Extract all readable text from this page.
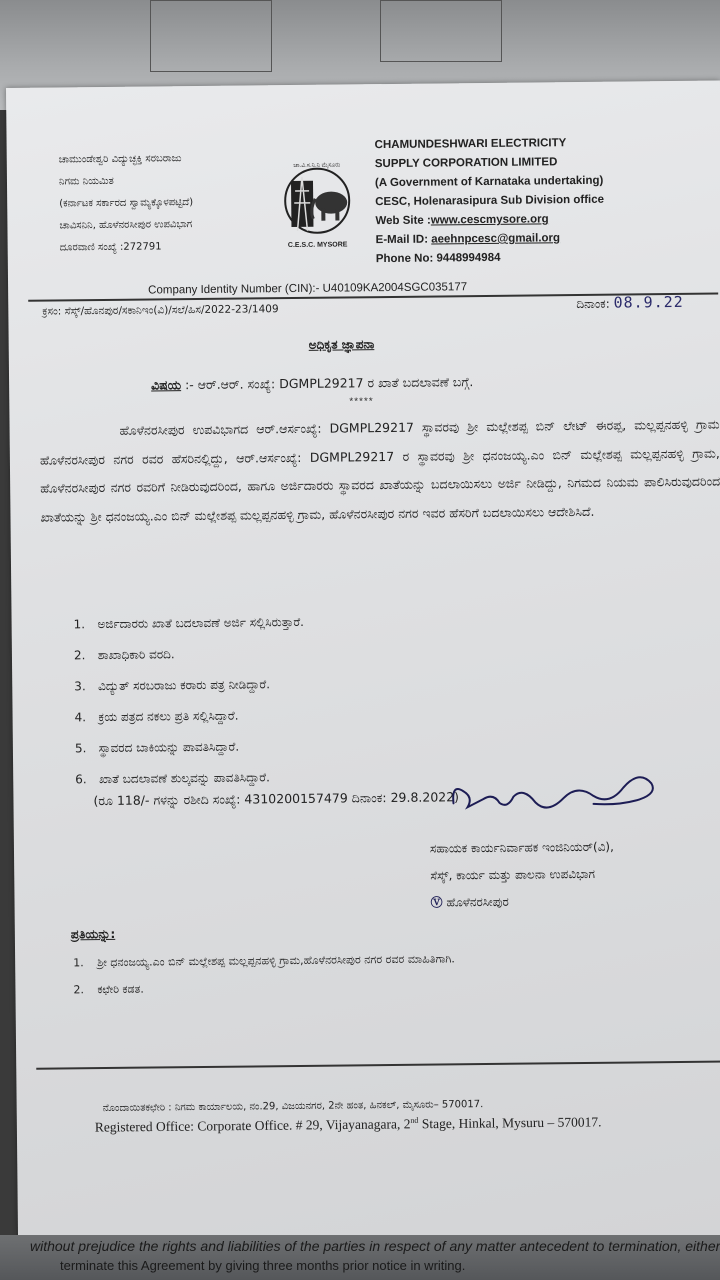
ಚಾಮುಂಡೇಶ್ವರಿ ವಿದ್ಯುಚ್ಛಕ್ತಿ ಸರಬರಾಜು
ನಿಗಮ ನಿಯಮಿತ
(ಕರ್ನಾಟಕ ಸರ್ಕಾರದ ಸ್ವಾಮ್ಯಕ್ಕೊಳಪಟ್ಟಿದೆ)
ಚಾವಿಸನಿನಿ, ಹೊಳೆನರಸೀಪುರ ಉಪವಿಭಾಗ
ದೂರವಾಣಿ ಸಂಖ್ಯೆ :272791
ಚಾ.ವಿ.ಸ.ನಿ.ನಿ ಮೈಸೂರು
C.E.S.C. MYSORE
CHAMUNDESHWARI ELECTRICITY
SUPPLY CORPORATION LIMITED
(A Government of Karnataka undertaking)
CESC, Holenarasipura Sub Division office
Web Site :www.cescmysore.org
E-Mail ID: aeehnpcesc@gmail.org
Phone No: 9448994984
Company Identity Number (CIN):- U40109KA2004SGC035177
ಕ್ರಸಂ: ಸೆಸ್ಕ್/ಹೊನಪುರ/ಸಕಾನಿಇಂ(ವಿ)/ಸಲೆ/ಹಿಸ/2022-23/1409	ದಿನಾಂಕ: 08.9.22
ಅಧಿಕೃತ ಜ್ಞಾಪನಾ
ವಿಷಯ :- ಆರ್.ಆರ್. ಸಂಖ್ಯೆ: DGMPL29217 ರ ಖಾತೆ ಬದಲಾವಣೆ ಬಗ್ಗೆ.
*****
ಹೊಳೆನರಸೀಪುರ ಉಪವಿಭಾಗದ ಆರ್.ಆರ್ಸಂಖ್ಯೆ: DGMPL29217 ಸ್ಥಾವರವು ಶ್ರೀ ಮಲ್ಲೇಶಪ್ಪ ಬಿನ್ ಲೇಟ್ ಈರಪ್ಪ, ಮಲ್ಲಪ್ಪನಹಳ್ಳಿ ಗ್ರಾಮ ಹೊಳೆನರಸೀಪುರ ನಗರ ರವರ ಹೆಸರಿನಲ್ಲಿದ್ದು, ಆರ್.ಆರ್ಸಂಖ್ಯೆ: DGMPL29217 ರ ಸ್ಥಾವರವು ಶ್ರೀ ಧನಂಜಯ್ಯ.ಎಂ ಬಿನ್ ಮಲ್ಲೇಶಪ್ಪ ಮಲ್ಲಪ್ಪನಹಳ್ಳಿ ಗ್ರಾಮ, ಹೊಳೆನರಸೀಪುರ ನಗರ ರವರಿಗೆ ನೀಡಿರುವುದರಿಂದ, ಹಾಗೂ ಅರ್ಜಿದಾರರು ಸ್ಥಾವರದ ಖಾತೆಯನ್ನು ಬದಲಾಯಿಸಲು ಅರ್ಜಿ ನೀಡಿದ್ದು, ನಿಗಮದ ನಿಯಮ ಪಾಲಿಸಿರುವುದರಿಂದ ಖಾತೆಯನ್ನು ಶ್ರೀ ಧನಂಜಯ್ಯ.ಎಂ ಬಿನ್ ಮಲ್ಲೇಶಪ್ಪ ಮಲ್ಲಪ್ಪನಹಳ್ಳಿ ಗ್ರಾಮ, ಹೊಳೆನರಸೀಪುರ ನಗರ ಇವರ ಹೆಸರಿಗೆ ಬದಲಾಯಿಸಲು ಆದೇಶಿಸಿದೆ.
1. ಅರ್ಜಿದಾರರು ಖಾತೆ ಬದಲಾವಣೆ ಅರ್ಜಿ ಸಲ್ಲಿಸಿರುತ್ತಾರೆ.
2. ಶಾಖಾಧಿಕಾರಿ ವರದಿ.
3. ವಿದ್ಯುತ್ ಸರಬರಾಜು ಕರಾರು ಪತ್ರ ನೀಡಿದ್ದಾರೆ.
4. ಕ್ರಯ ಪತ್ರದ ನಕಲು ಪ್ರತಿ ಸಲ್ಲಿಸಿದ್ದಾರೆ.
5. ಸ್ಥಾವರದ ಬಾಕಿಯನ್ನು ಪಾವತಿಸಿದ್ದಾರೆ.
6. ಖಾತೆ ಬದಲಾವಣೆ ಶುಲ್ಕವನ್ನು ಪಾವತಿಸಿದ್ದಾರೆ.
(ರೂ 118/- ಗಳನ್ನು ರಶೀದಿ ಸಂಖ್ಯೆ: 4310200157479 ದಿನಾಂಕ: 29.8.2022)
ಸಹಾಯಕ ಕಾರ್ಯನಿರ್ವಾಹಕ ಇಂಜಿನಿಯರ್(ವಿ),
ಸೆಸ್ಕ್, ಕಾರ್ಯ ಮತ್ತು ಪಾಲನಾ ಉಪವಿಭಾಗ
Ⓥ ಹೊಳೆನರಸೀಪುರ
ಪ್ರತಿಯನ್ನು:
1. ಶ್ರೀ ಧನಂಜಯ್ಯ.ಎಂ ಬಿನ್ ಮಲ್ಲೇಶಪ್ಪ ಮಲ್ಲಪ್ಪನಹಳ್ಳಿ ಗ್ರಾಮ,ಹೊಳೆನರಸೀಪುರ ನಗರ ರವರ ಮಾಹಿತಿಗಾಗಿ.
2. ಕಛೇರಿ ಕಡತ.
ನೊಂದಾಯಿತಕಛೇರಿ : ನಿಗಮ ಕಾರ್ಯಾಲಯ, ನಂ.29, ವಿಜಯನಗರ, 2ನೇ ಹಂತ, ಹಿನಕಲ್, ಮೈಸೂರು– 570017.
Registered Office: Corporate Office. # 29, Vijayanagara, 2nd Stage, Hinkal, Mysuru – 570017.
without prejudice the rights and liabilities of the parties in respect of any matter antecedent to termination, either
terminate this Agreement by giving three months prior notice in writing.
